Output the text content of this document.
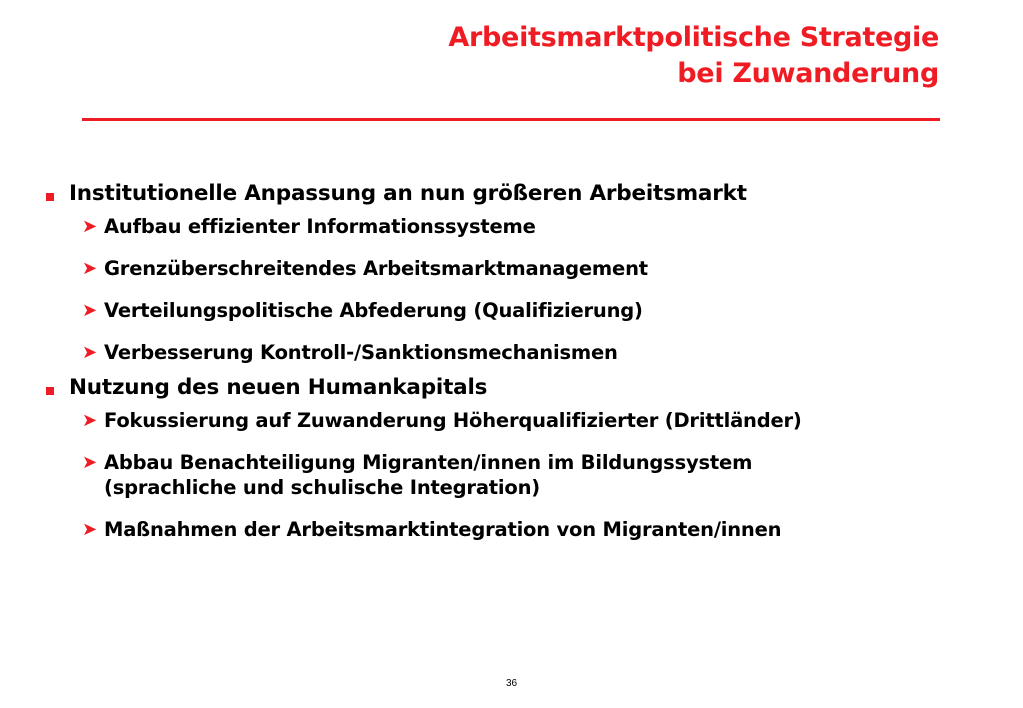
Arbeitsmarktpolitische Strategie
bei Zuwanderung
Institutionelle Anpassung an nun größeren Arbeitsmarkt
➤ Aufbau effizienter Informationssysteme
➤ Grenzüberschreitendes Arbeitsmarktmanagement
➤ Verteilungspolitische Abfederung (Qualifizierung)
➤ Verbesserung Kontroll-/Sanktionsmechanismen
Nutzung des neuen Humankapitals
➤ Fokussierung auf Zuwanderung Höherqualifizierter (Drittländer)
➤ Abbau Benachteiligung Migranten/innen im Bildungssystem
(sprachliche und schulische Integration)
➤ Maßnahmen der Arbeitsmarktintegration von Migranten/innen
36
